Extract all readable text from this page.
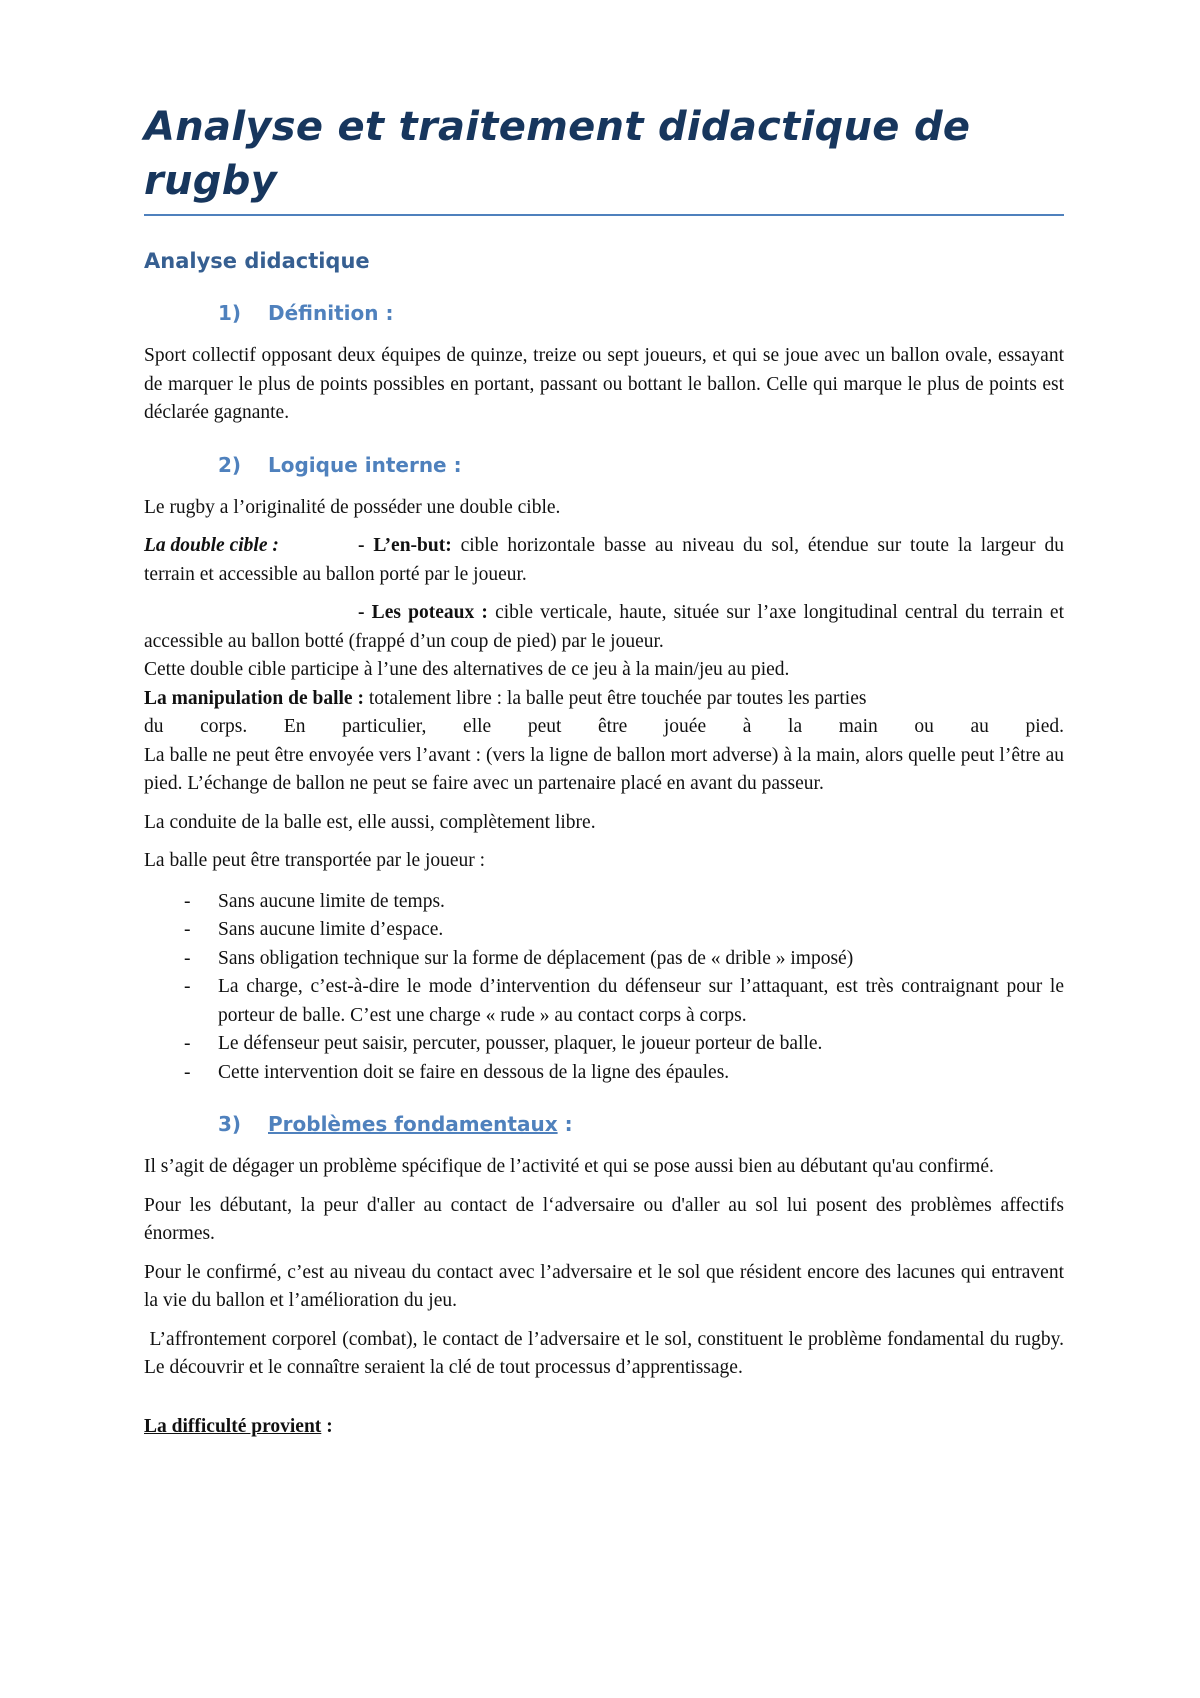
Analyse et traitement didactique de rugby
Analyse didactique
1) Définition :

Sport collectif opposant deux équipes de quinze, treize ou sept joueurs, et qui se joue avec un ballon ovale, essayant de marquer le plus de points possibles en portant, passant ou bottant le ballon. Celle qui marque le plus de points est déclarée gagnante.

2) Logique interne :

Le rugby a l’originalité de posséder une double cible.

La double cible :	- L’en-but: cible horizontale basse au niveau du sol, étendue sur toute la largeur du terrain et accessible au ballon porté par le joueur.

- Les poteaux : cible verticale, haute, située sur l’axe longitudinal central du terrain et accessible au ballon botté (frappé d’un coup de pied) par le joueur.

Cette double cible participe à l’une des alternatives de ce jeu à la main/jeu au pied.

La manipulation de balle : totalement libre : la balle peut être touchée par toutes les parties

du corps. En particulier, elle peut être jouée à la main ou au pied.

La balle ne peut être envoyée vers l’avant : (vers la ligne de ballon mort adverse) à la main, alors quelle peut l’être au pied. L’échange de ballon ne peut se faire avec un partenaire placé en avant du passeur.

La conduite de la balle est, elle aussi, complètement libre.

La balle peut être transportée par le joueur :

- Sans aucune limite de temps.
- Sans aucune limite d’espace.
- Sans obligation technique sur la forme de déplacement (pas de « drible » imposé)
- La charge, c’est-à-dire le mode d’intervention du défenseur sur l’attaquant, est très contraignant pour le porteur de balle. C’est une charge « rude » au contact corps à corps.
- Le défenseur peut saisir, percuter, pousser, plaquer, le joueur porteur de balle.
- Cette intervention doit se faire en dessous de la ligne des épaules.
3) Problèmes fondamentaux :

Il s’agit de dégager un problème spécifique de l’activité et qui se pose aussi bien au débutant qu'au confirmé.

Pour les débutant, la peur d'aller au contact de l‘adversaire ou d'aller au sol lui posent des problèmes affectifs énormes.

Pour le confirmé, c’est au niveau du contact avec l’adversaire et le sol que résident encore des lacunes qui entravent la vie du ballon et l’amélioration du jeu.

L’affrontement corporel (combat), le contact de l’adversaire et le sol, constituent le problème fondamental du rugby. Le découvrir et le connaître seraient la clé de tout processus d’apprentissage.

La difficulté provient :
